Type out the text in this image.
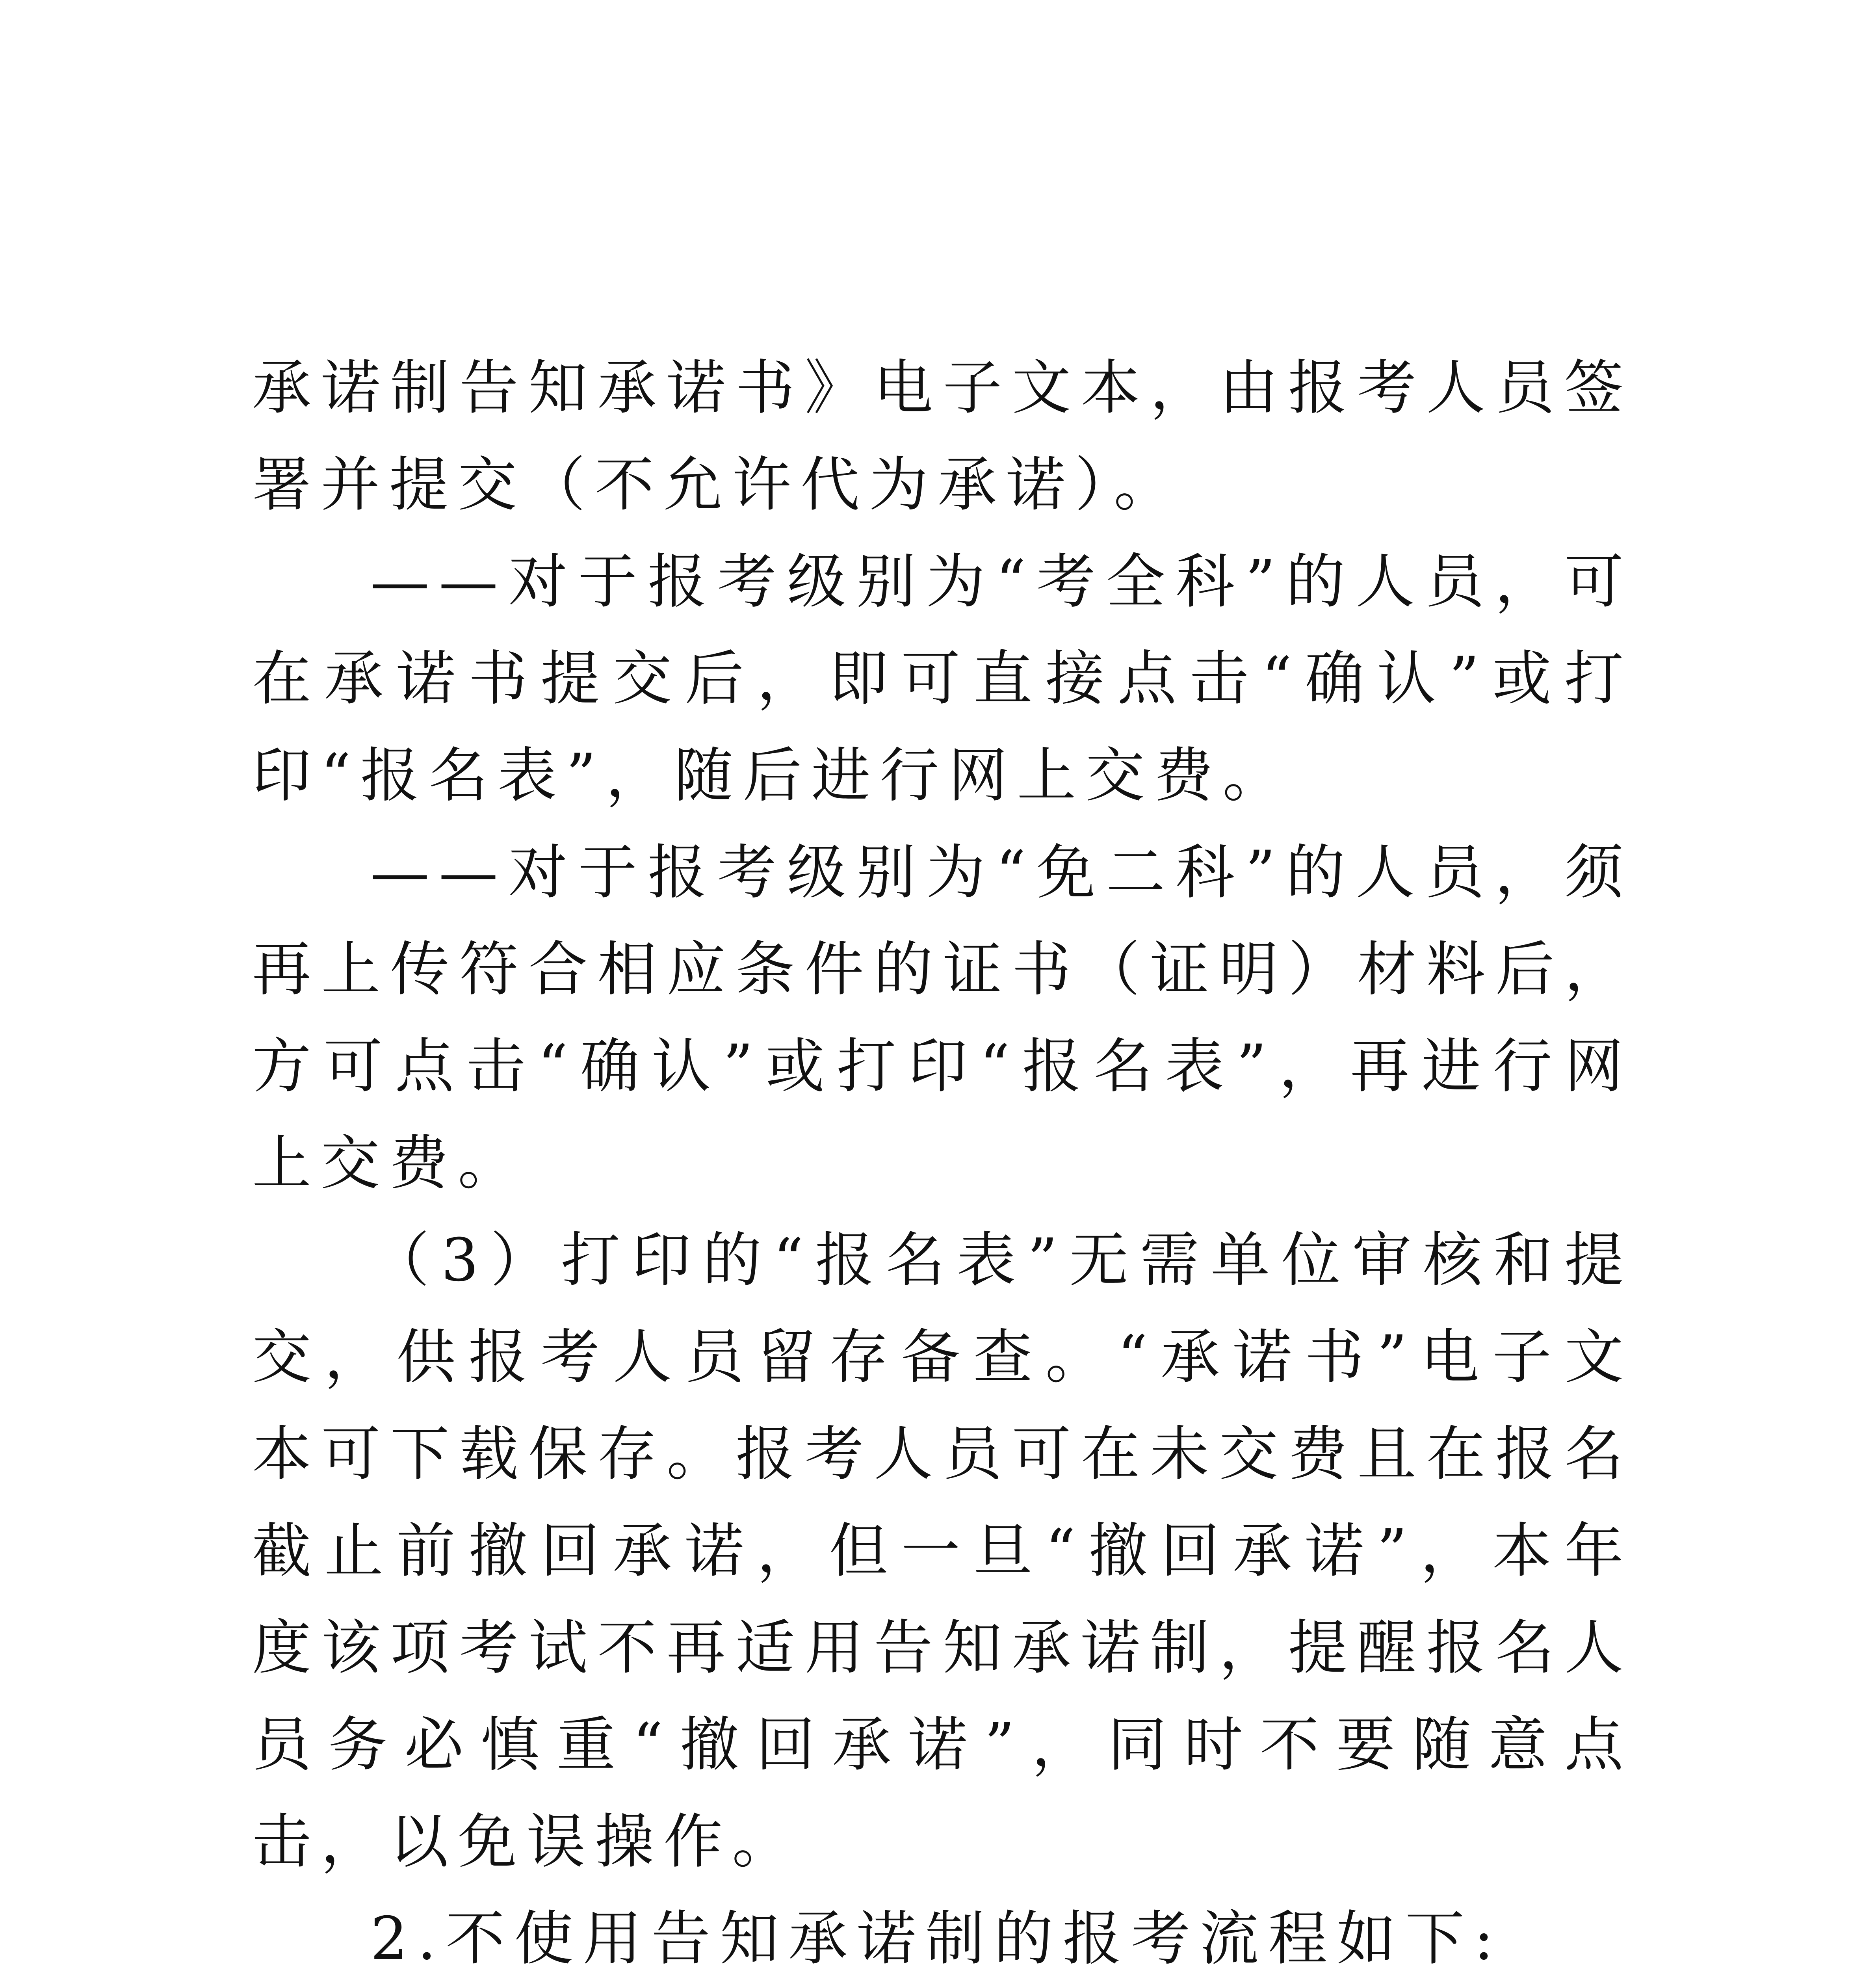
承诺制告知承诺书》电子文本，由报考人员签署并提交（不允许代为承诺）。

——对于报考级别为“考全科”的人员，可在承诺书提交后，即可直接点击“确认”或打印“报名表”，随后进行网上交费。

——对于报考级别为“免二科”的人员，须再上传符合相应条件的证书（证明）材料后，方可点击“确认”或打印“报名表”，再进行网上交费。

（3）打印的“报名表”无需单位审核和提交，供报考人员留存备查。“承诺书”电子文本可下载保存。报考人员可在未交费且在报名截止前撤回承诺，但一旦“撤回承诺”，本年度该项考试不再适用告知承诺制，提醒报名人员务必慎重“撤回承诺”，同时不要随意点击，以免误操作。

2.不使用告知承诺制的报考流程如下:
